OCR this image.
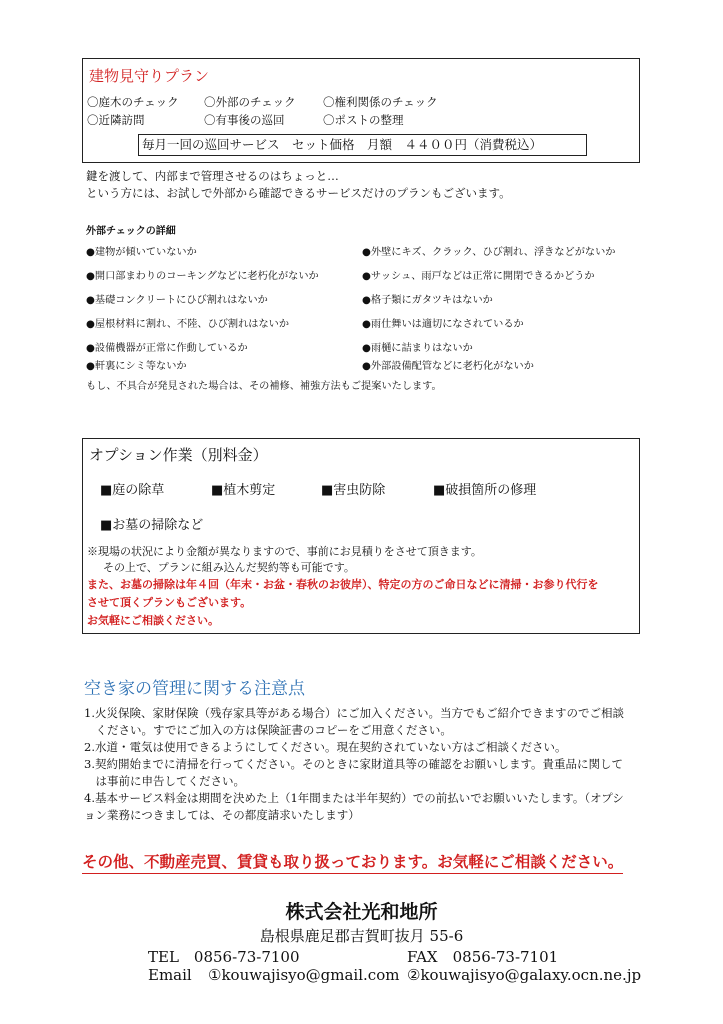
建物見守りプラン
〇庭木のチェック 〇外部のチェック 〇権利関係のチェック
〇近隣訪問	〇有事後の巡回	〇ポストの整理
毎月一回の巡回サービス　セット価格　月額　４４００円（消費税込）
鍵を渡して、内部まで管理させるのはちょっと…
という方には、お試しで外部から確認できるサービスだけのプランもございます。
外部チェックの詳細
●建物が傾いていないか
●開口部まわりのコーキングなどに老朽化がないか
●基礎コンクリートにひび割れはないか
●屋根材料に割れ、不陸、ひび割れはないか
●設備機器が正常に作動しているか
●軒裏にシミ等ないか
●外壁にキズ、クラック、ひび割れ、浮きなどがないか
●サッシュ、雨戸などは正常に開閉できるかどうか
●格子類にガタツキはないか
●雨仕舞いは適切になされているか
●雨樋に詰まりはないか
●外部設備配管などに老朽化がないか
もし、不具合が発見された場合は、その補修、補強方法もご提案いたします。
オプション作業（別料金）
■庭の除草	■植木剪定	■害虫防除	■破損箇所の修理
■お墓の掃除など
※現場の状況により金額が異なりますので、事前にお見積りをさせて頂きます。
その上で、プランに組み込んだ契約等も可能です。
また、お墓の掃除は年４回（年末・お盆・春秋のお彼岸）、特定の方のご命日などに清掃・お参り代行を
させて頂くプランもございます。
お気軽にご相談ください。
空き家の管理に関する注意点
1.火災保険、家財保険（残存家具等がある場合）にご加入ください。当方でもご紹介できますのでご相談
　ください。すでにご加入の方は保険証書のコピーをご用意ください。
2.水道・電気は使用できるようにしてください。現在契約されていない方はご相談ください。
3.契約開始までに清掃を行ってください。そのときに家財道具等の確認をお願いします。貴重品に関して
　は事前に申告してください。
4.基本サービス料金は期間を決めた上（1年間または半年契約）での前払いでお願いいたします。（オプシ
ョン業務につきましては、その都度請求いたします）
その他、不動産売買、賃貸も取り扱っております。お気軽にご相談ください。
株式会社光和地所
島根県鹿足郡吉賀町抜月 55-6
TEL　0856-73-7100	FAX　0856-73-7101
Email ①kouwajisyo@gmail.com ②kouwajisyo@galaxy.ocn.ne.jp
